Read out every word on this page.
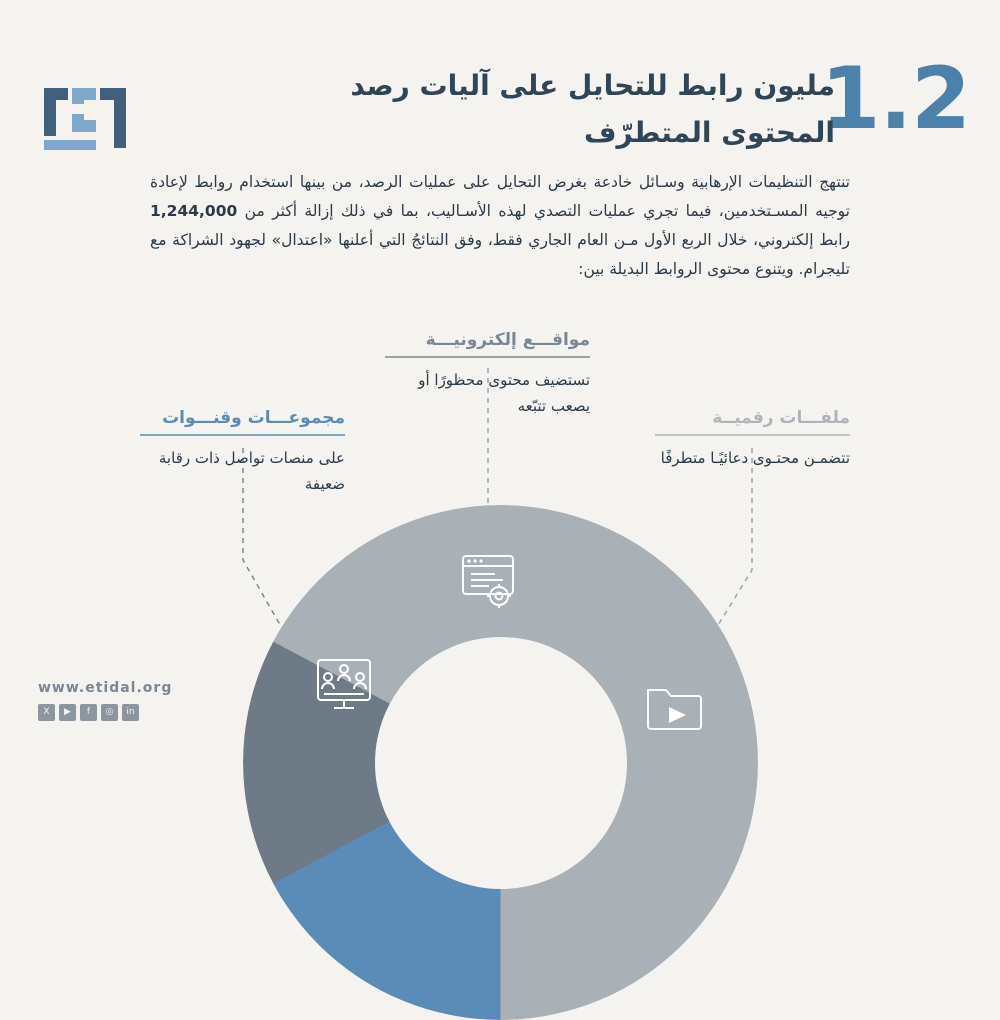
1.2
مليون رابط للتحايل على آليات رصد
المحتوى المتطرّف
تنتهج التنظيمات الإرهابية وسـائل خادعة بغرض التحايل على عمليات الرصد، من بينها استخدام روابط لإعادة توجيه المسـتخدمين، فيما تجري عمليات التصدي لهذه الأسـاليب، بما في ذلك إزالة أكثر من 1,244,000 رابط إلكتروني، خلال الربع الأول مـن العام الجاري فقط، وفق النتائجُ التي أعلنها «اعتدال» لجهود الشراكة مع تليجرام. ويتنوع محتوى الروابط البديلة بين:
مواقـــع إلكترونيـــة
تستضيف محتوى محظورًا أو يصعب تتبّعه
مجموعـــات وقنـــوات
على منصات تواصل ذات رقابة ضعيفة
ملفـــات رقميــة
تتضمـن محتـوى دعائيًـا متطرفًا
www.etidal.org
X	▶	f	◎	in
